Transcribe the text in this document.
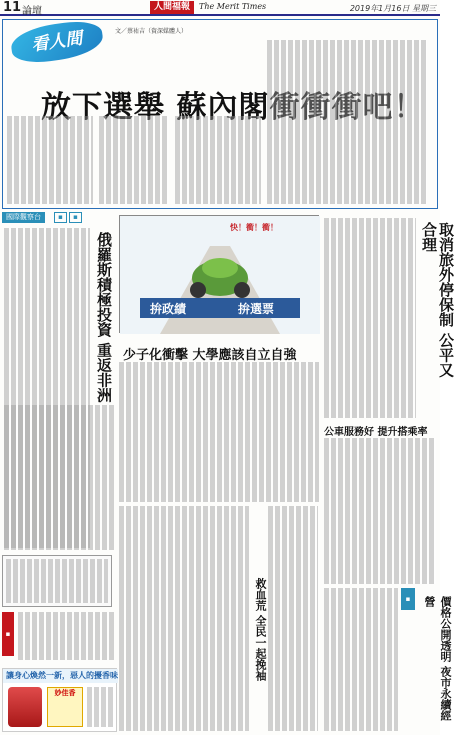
11 論壇	人間福報	The Merit Times	2019年1月16日 星期三
看人間	文／蔡祐吉（資深媒體人）
放下選舉 蘇內閣衝衝衝吧！
國際觀察台	▪	▪
俄羅斯積極投資 重返非洲
▪
讓身心煥然一新，惡人的擾香味
妙佳香
拚政績	拚選票
快！衝！衝！
少子化衝擊 大學應該自立自強
救血荒 全民一起挽袖
取消旅外停保制 公平又合理
公車服務好 提升搭乘率
▪	價格公開透明 夜市永續經營
